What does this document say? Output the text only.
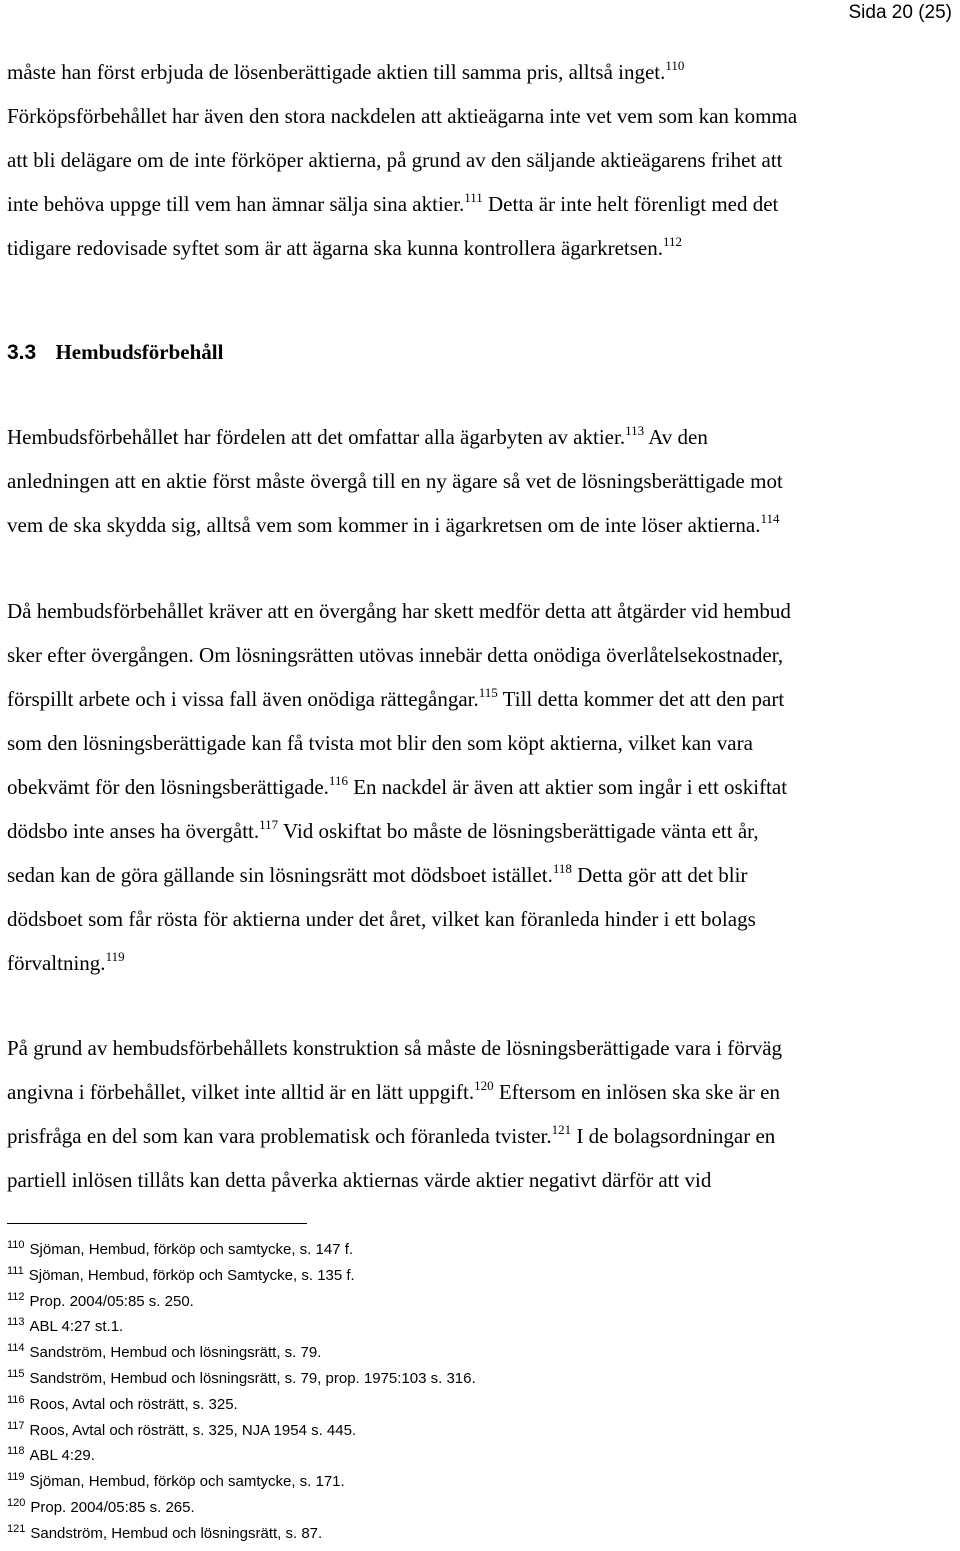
Sida 20 (25)
måste han först erbjuda de lösenberättigade aktien till samma pris, alltså inget.$^{110}$
Förköpsförbehållet har även den stora nackdelen att aktieägarna inte vet vem som kan komma
att bli delägare om de inte förköper aktierna, på grund av den säljande aktieägarens frihet att
inte behöva uppge till vem han ämnar sälja sina aktier.$^{111}$ Detta är inte helt förenligt med det
tidigare redovisade syftet som är att ägarna ska kunna kontrollera ägarkretsen.$^{112}$
3.3 Hembudsförbehåll
Hembudsförbehållet har fördelen att det omfattar alla ägarbyten av aktier.$^{113}$ Av den
anledningen att en aktie först måste övergå till en ny ägare så vet de lösningsberättigade mot
vem de ska skydda sig, alltså vem som kommer in i ägarkretsen om de inte löser aktierna.$^{114}$
Då hembudsförbehållet kräver att en övergång har skett medför detta att åtgärder vid hembud
sker efter övergången. Om lösningsrätten utövas innebär detta onödiga överlåtelsekostnader,
förspillt arbete och i vissa fall även onödiga rättegångar.$^{115}$ Till detta kommer det att den part
som den lösningsberättigade kan få tvista mot blir den som köpt aktierna, vilket kan vara
obekvämt för den lösningsberättigade.$^{116}$ En nackdel är även att aktier som ingår i ett oskiftat
dödsbo inte anses ha övergått.$^{117}$ Vid oskiftat bo måste de lösningsberättigade vänta ett år,
sedan kan de göra gällande sin lösningsrätt mot dödsboet istället.$^{118}$ Detta gör att det blir
dödsboet som får rösta för aktierna under det året, vilket kan föranleda hinder i ett bolags
förvaltning.$^{119}$
På grund av hembudsförbehållets konstruktion så måste de lösningsberättigade vara i förväg
angivna i förbehållet, vilket inte alltid är en lätt uppgift.$^{120}$ Eftersom en inlösen ska ske är en
prisfråga en del som kan vara problematisk och föranleda tvister.$^{121}$ I de bolagsordningar en
partiell inlösen tillåts kan detta påverka aktiernas värde aktier negativt därför att vid
$^{110}$ Sjöman, Hembud, förköp och samtycke, s. 147 f.
$^{111}$ Sjöman, Hembud, förköp och Samtycke, s. 135 f.
$^{112}$ Prop. 2004/05:85 s. 250.
$^{113}$ ABL 4:27 st.1.
$^{114}$ Sandström, Hembud och lösningsrätt, s. 79.
$^{115}$ Sandström, Hembud och lösningsrätt, s. 79, prop. 1975:103 s. 316.
$^{116}$ Roos, Avtal och rösträtt, s. 325.
$^{117}$ Roos, Avtal och rösträtt, s. 325, NJA 1954 s. 445.
$^{118}$ ABL 4:29.
$^{119}$ Sjöman, Hembud, förköp och samtycke, s. 171.
$^{120}$ Prop. 2004/05:85 s. 265.
$^{121}$ Sandström, Hembud och lösningsrätt, s. 87.
